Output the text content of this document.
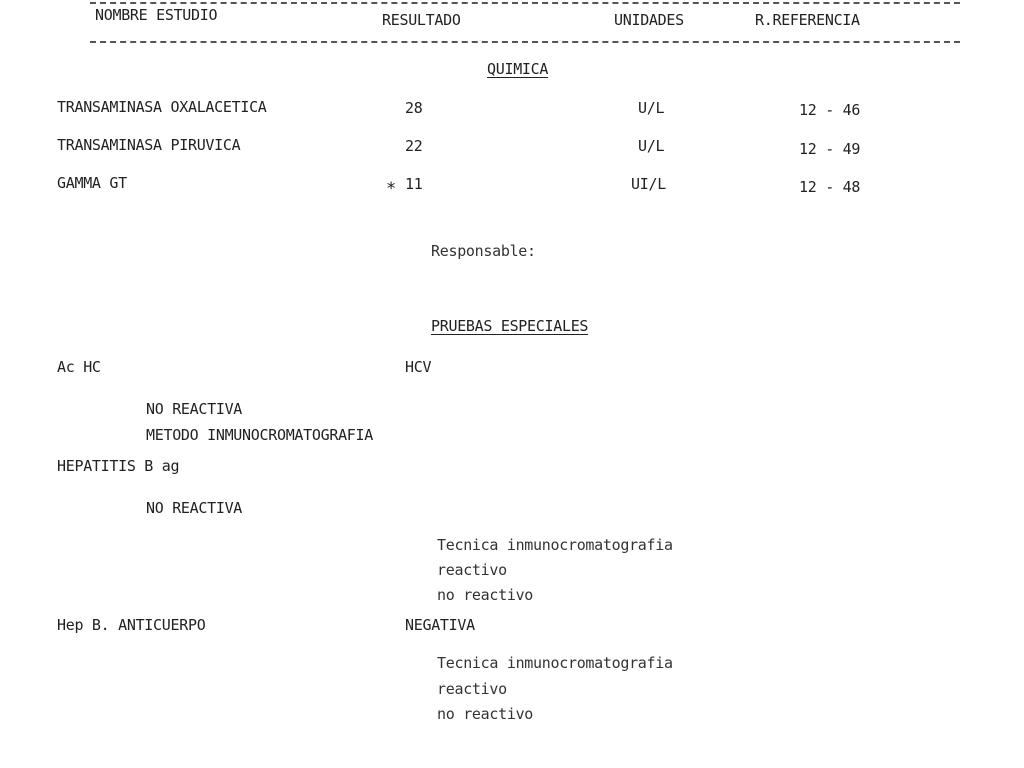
NOMBRE ESTUDIO	RESULTADO	UNIDADES	R.REFERENCIA
QUIMICA
TRANSAMINASA OXALACETICA	28	U/L	12 - 46
TRANSAMINASA PIRUVICA	22	U/L	12 - 49
GAMMA GT	* 11	UI/L	12 - 48
Responsable:
PRUEBAS ESPECIALES
Ac HC	HCV
NO REACTIVA
METODO INMUNOCROMATOGRAFIA
HEPATITIS B ag
NO REACTIVA
Tecnica inmunocromatografia
reactivo
no reactivo
Hep B. ANTICUERPO	NEGATIVA
Tecnica inmunocromatografia
reactivo
no reactivo
